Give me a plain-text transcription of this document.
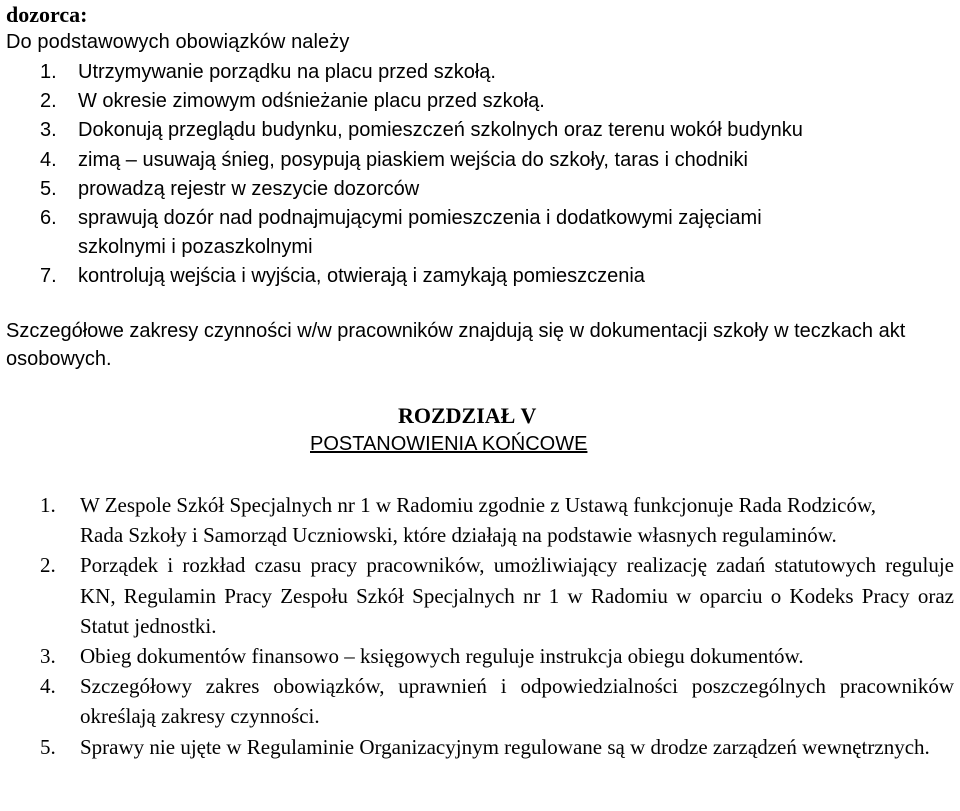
dozorca:
Do podstawowych obowiązków należy
1. Utrzymywanie porządku na placu przed szkołą.
2. W okresie zimowym odśnieżanie placu przed szkołą.
3. Dokonują przeglądu budynku, pomieszczeń szkolnych oraz terenu wokół budynku
4. zimą – usuwają śnieg, posypują piaskiem wejścia do szkoły, taras i chodniki
5. prowadzą rejestr w zeszycie dozorców
6. sprawują dozór nad podnajmującymi pomieszczenia i dodatkowymi zajęciami szkolnymi i pozaszkolnymi
7. kontrolują wejścia i wyjścia, otwierają i zamykają pomieszczenia
Szczegółowe zakresy czynności w/w pracowników znajdują się w dokumentacji szkoły w teczkach akt osobowych.
ROZDZIAŁ V
POSTANOWIENIA KOŃCOWE
1. W Zespole Szkół Specjalnych nr 1 w Radomiu zgodnie z Ustawą funkcjonuje Rada Rodziców, Rada Szkoły i Samorząd Uczniowski, które działają na podstawie własnych regulaminów.
2. Porządek i rozkład czasu pracy pracowników, umożliwiający realizację zadań statutowych reguluje KN, Regulamin Pracy Zespołu Szkół Specjalnych nr 1 w Radomiu w oparciu o Kodeks Pracy oraz Statut jednostki.
3. Obieg dokumentów finansowo – księgowych reguluje instrukcja obiegu dokumentów.
4. Szczegółowy zakres obowiązków, uprawnień i odpowiedzialności poszczególnych pracowników określają zakresy czynności.
5. Sprawy nie ujęte w Regulaminie Organizacyjnym regulowane są w drodze zarządzeń wewnętrznych.
